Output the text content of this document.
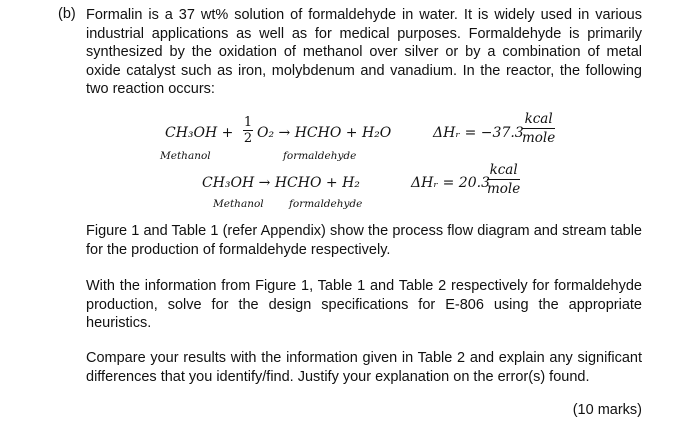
(b) Formalin is a 37 wt% solution of formaldehyde in water. It is widely used in various industrial applications as well as for medical purposes. Formaldehyde is primarily synthesized by the oxidation of methanol over silver or by a combination of metal oxide catalyst such as iron, molybdenum and vanadium. In the reactor, the following two reaction occurs:

$CH_3OH + \frac{1}{2} O_2$ → HCHO + H₂O
Methanol	formaldehyde
ΔHᵣ = −37.3
kcal
mole
CH₃OH → HCHO + H₂
Methanol formaldehyde
ΔHᵣ = 20.3
kcal
mole

Figure 1 and Table 1 (refer Appendix) show the process flow diagram and stream table for the production of formaldehyde respectively.

With the information from Figure 1, Table 1 and Table 2 respectively for formaldehyde production, solve for the design specifications for E-806 using the appropriate heuristics.

Compare your results with the information given in Table 2 and explain any significant differences that you identify/find. Justify your explanation on the error(s) found.

(10 marks)
